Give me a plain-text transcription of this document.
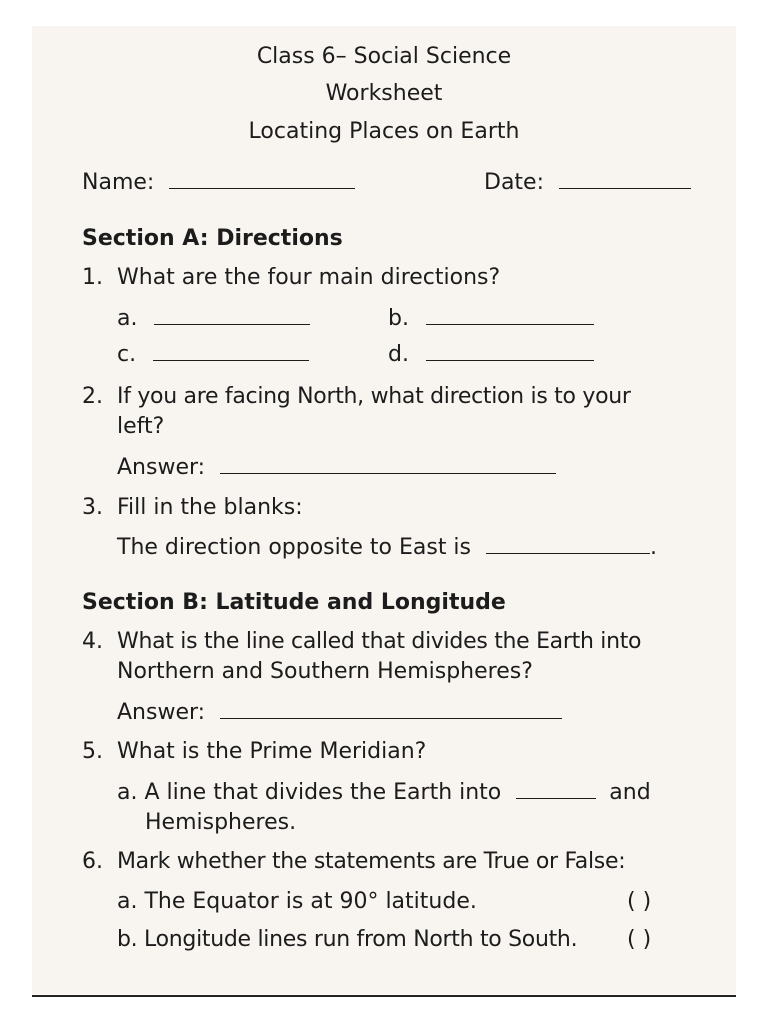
Class 6– Social Science
Worksheet
Locating Places on Earth
Name:	Date:
Section A: Directions
1. What are the four main directions?
a.	b.
c.	d.
2. If you are facing North, what direction is to your
left?
Answer:
3. Fill in the blanks:
The direction opposite to East is	.
Section B: Latitude and Longitude
4. What is the line called that divides the Earth into
Northern and Southern Hemispheres?
Answer:
5. What is the Prime Meridian?
a. A line that divides the Earth into	and
Hemispheres.
6. Mark whether the statements are True or False:
a. The Equator is at 90° latitude.	( )
b. Longitude lines run from North to South. ( )
